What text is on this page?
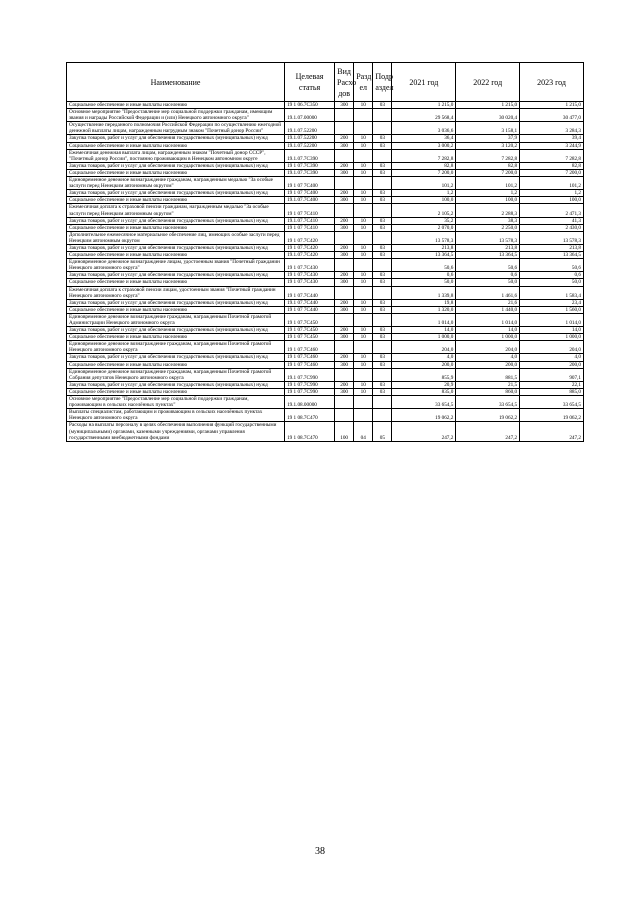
Наименование	Целевая статья	Вид Расхо дов	Разд ел	Подр аздел	2021 год	2022 год	2023 год
Социальное обеспечение и иные выплаты населению	19 1 06.7С350	300	10	03	1 215,0	1 215,0	1 215,0
Основное мероприятие "Предоставление мер социальной поддержки гражданам, имеющим звания и награды Российской Федерации и (или) Ненецкого автономного округа"	19.1.07.00000				29 568,4	30 020,4	30 477,0
Осуществление переданного полномочия Российской Федерации по осуществлению ежегодной денежной выплаты лицам, награжденным нагрудным знаком "Почетный донор России"	19.1.07.52200				3 036,6	3 158,1	3 284,3
Закупка товаров, работ и услуг для обеспечения государственных (муниципальных) нужд	19.1.07.52200	200	10	03	36,4	37,9	39,4
Социальное обеспечение и иные выплаты населению	19.1.07.52200	300	10	03	3 000,2	3 120,2	3 244,9
Ежемесячная денежная выплата лицам, награжденным знаком "Почетный донор СССР", "Почетный донор России", постоянно проживающим в Ненецком автономном округе	19.1.07.7С390				7 282,8	7 282,8	7 282,8
Закупка товаров, работ и услуг для обеспечения государственных (муниципальных) нужд	19 1 07.7С390	200	10	03	82,8	82,8	82,8
Социальное обеспечение и иные выплаты населению	19.1.07.7С390	300	10	03	7 200,0	7 200,0	7 200,0
Единовременное денежное вознаграждение гражданам, награжденным медалью "За особые заслуги перед Ненецким автономным округом"	19 1 07 7С400				101,2	101,2	101,2
Закупка товаров, работ и услуг для обеспечения государственных (муниципальных) нужд	19 1 07 7С400	200	10	03	1,2	1,2	1,2
Социальное обеспечение и иные выплаты населению	19.1.07.7С400	300	10	03	100,0	100,0	100,0
Ежемесячная доплата к страховой пенсии гражданам, награжденным медалью "За особые заслуги перед Ненецким автономным округом"	19 1 07 7С410				2 105,2	2 288,3	2 471,3
Закупка товаров, работ и услуг для обеспечения государственных (муниципальных) нужд	19.1.07.7С410	200	10	03	35,2	38,3	41,3
Социальное обеспечение и иные выплаты населению	19 1 07 7С410	300	10	03	2 070,0	2 250,0	2 430,0
Дополнительное ежемесячное материальное обеспечение лиц, имеющих особые заслуги перед Ненецким автономным округом	19 1 07.7С420				13 578,3	13 578,3	13 578,3
Закупка товаров, работ и услуг для обеспечения государственных (муниципальных) нужд	19 1 07.7С420	200	10	03	213,8	213,8	213,8
Социальное обеспечение и иные выплаты населению	19.1.07.7С420	300	10	03	13 364,5	13 364,5	13 364,5
Единовременное денежное вознаграждение лицам, удостоенным звания "Почетный гражданин Ненецкого автономного округа"	19 1 07.7С430				50,6	50,6	50,6
Закупка товаров, работ и услуг для обеспечения государственных (муниципальных) нужд	19 1 07.7С430	200	10	03	0,6	0,6	0,6
Социальное обеспечение и иные выплаты населению	19 1 07.7С430	300	10	03	50,0	50,0	50,0
Ежемесячная доплата к страховой пенсии лицам, удостоенным звания "Почетный гражданин Ненецкого автономного округа"	19 1 07.7С440				1 339,8	1 461,6	1 583,4
Закупка товаров, работ и услуг для обеспечения государственных (муниципальных) нужд	19.1 07.7С440	200	10	03	19,8	21,6	23,4
Социальное обеспечение и иные выплаты населению	19 1 07 7С440	300	10	03	1 320,0	1 440,0	1 560,0
Единовременное денежное вознаграждение гражданам, награжденным Почетной грамотой Администрации Ненецкого автономного округа	19 1 07.7С450				1 014,0	1 014,0	1 014,0
Закупка товаров, работ и услуг для обеспечения государственных (муниципальных) нужд	19 1 07.7С450	200	10	03	14,0	14,0	14,0
Социальное обеспечение и иные выплаты населению	19 1 07 7С450	300	10	03	1 000,0	1 000,0	1 000,0
Единовременное денежное вознаграждение гражданам, награжденным Почетной грамотой Ненецкого автономного округа	19 1 07.7С460				204,0	204,0	204,0
Закупка товаров, работ и услуг для обеспечения государственных (муниципальных) нужд	19 1 07.7С460	200	10	03	4,0	4,0	4,0
Социальное обеспечение и иные выплаты населению	19 1 07 7С460	300	10	03	200,0	200,0	200,0
Единовременное денежное вознаграждение гражданам, награжденным Почетной грамотой Собрания депутатов Ненецкого автономного округа	19.1 07.7С990				855,9	881,5	907,1
Закупка товаров, работ и услуг для обеспечения государственных (муниципальных) нужд	19 1 07.7С990	200	10	03	20,9	21,5	22,1
Социальное обеспечение и иные выплаты населению	19 1 07.7С990	300	10	03	835,0	860,0	885,0
Основное мероприятие "Предоставление мер социальной поддержки гражданам, проживающим в сельских населённых пунктах"	19.1.08.00000				33 654,5	33 654,5	33 654,5
Выплаты специалистам, работающим и проживающим в сельских населённых пунктах Ненецкого автономного округа	19 1 08.7С470				19 062,2	19 062,2	19 062,2
Расходы на выплаты персоналу в целях обеспечения выполнения функций государственными (муниципальными) органами, казенными учреждениями, органами управления государственными внебюджетными фондами	19 1 08.7С470	100	04	05	247,2	247,2	247,2
38
